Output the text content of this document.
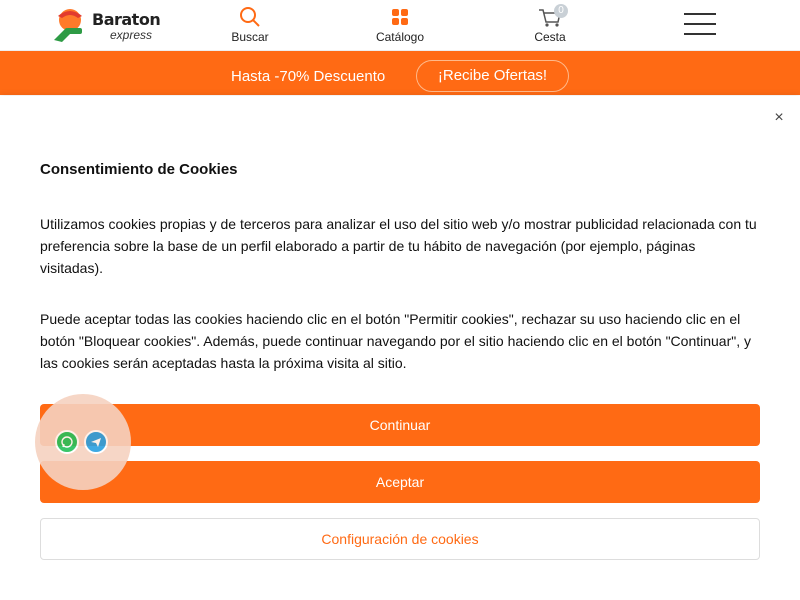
Baraton
express	Buscar	Catálogo
0
Cesta
Hasta -70% Descuento	¡Recibe Ofertas!
×
Consentimiento de Cookies

Utilizamos cookies propias y de terceros para analizar el uso del sitio web y/o mostrar publicidad relacionada con tu preferencia sobre la base de un perfil elaborado a partir de tu hábito de navegación (por ejemplo, páginas visitadas).

Puede aceptar todas las cookies haciendo clic en el botón "Permitir cookies", rechazar su uso haciendo clic en el botón "Bloquear cookies". Además, puede continuar navegando por el sitio haciendo clic en el botón "Continuar", y las cookies serán aceptadas hasta la próxima visita al sitio.

Continuar
Aceptar
Configuración de cookies
